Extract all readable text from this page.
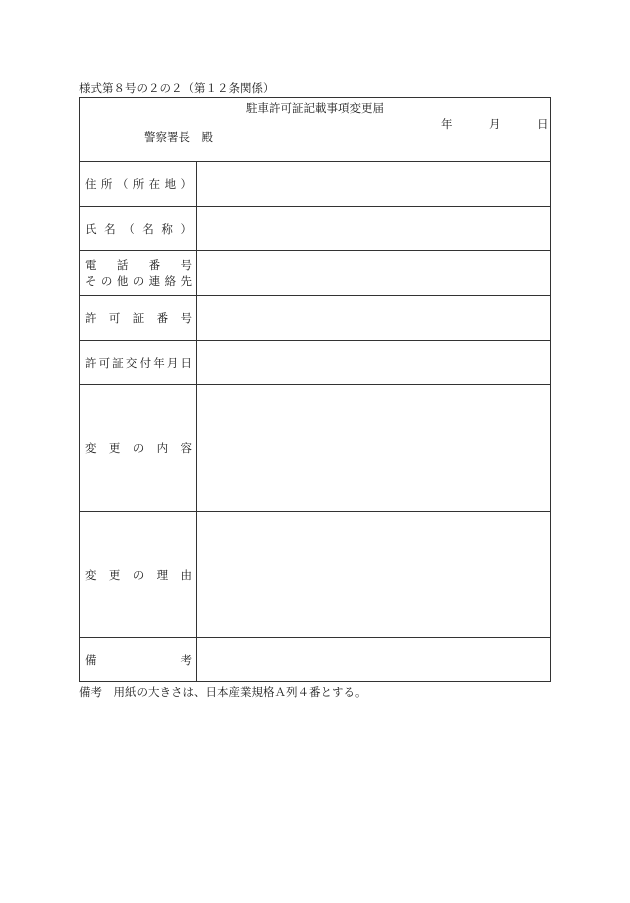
様式第８号の２の２（第１２条関係）
駐車許可証記載事項変更届
年	月	日
警察署長　殿
住所（所在地）
氏名（名称）
電話番号
その他の連絡先
許可証番号
許可証交付年月日
変更の内容
変更の理由
備考
備考　用紙の大きさは、日本産業規格Ａ列４番とする。
